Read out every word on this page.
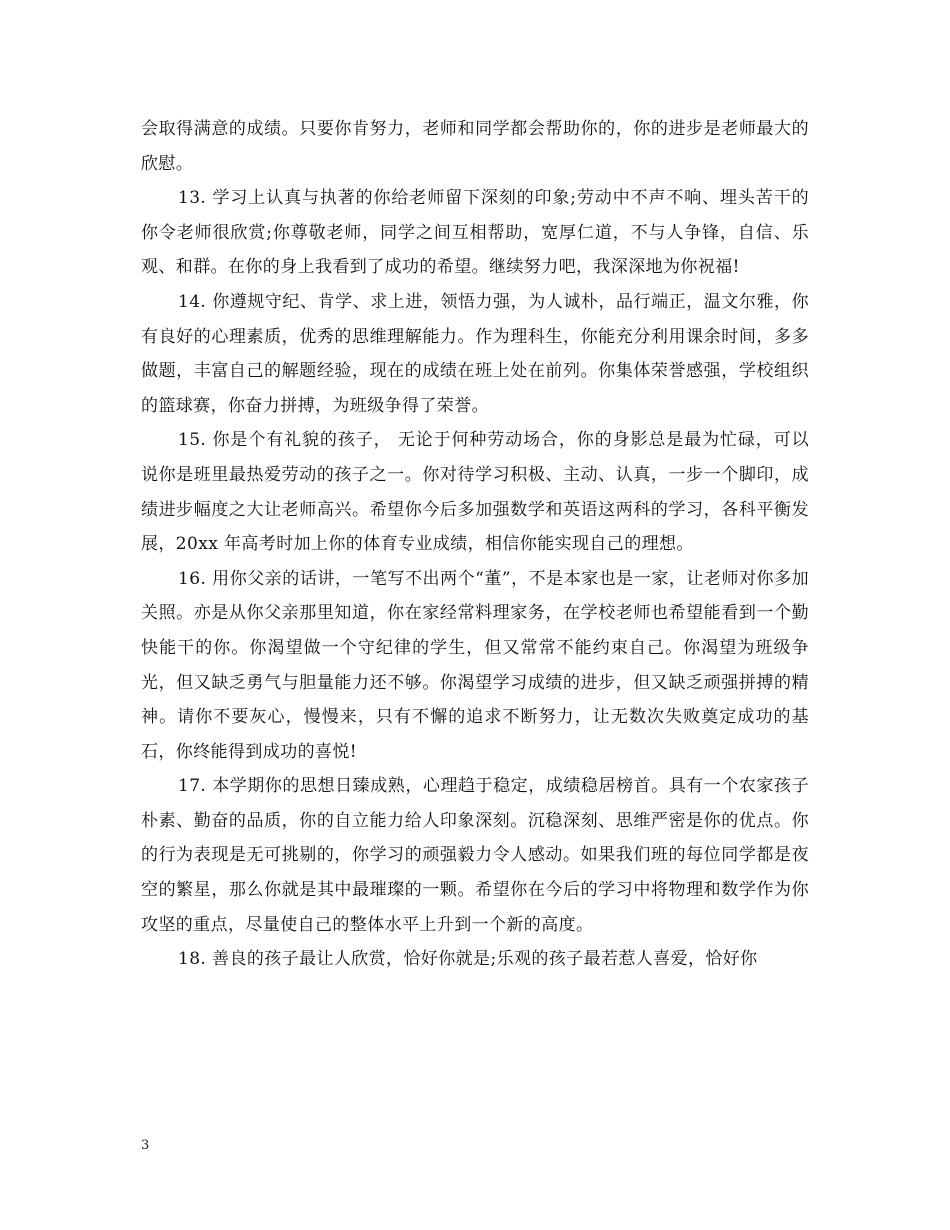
会取得满意的成绩。只要你肯努力，老师和同学都会帮助你的，你的进步是老师最大的欣慰。

13. 学习上认真与执著的你给老师留下深刻的印象;劳动中不声不响、埋头苦干的你令老师很欣赏;你尊敬老师，同学之间互相帮助，宽厚仁道，不与人争锋，自信、乐观、和群。在你的身上我看到了成功的希望。继续努力吧，我深深地为你祝福!

14. 你遵规守纪、肯学、求上进，领悟力强，为人诚朴，品行端正，温文尔雅，你有良好的心理素质，优秀的思维理解能力。作为理科生，你能充分利用课余时间，多多做题，丰富自己的解题经验，现在的成绩在班上处在前列。你集体荣誉感强，学校组织的篮球赛，你奋力拼搏，为班级争得了荣誉。

15. 你是个有礼貌的孩子， 无论于何种劳动场合，你的身影总是最为忙碌，可以说你是班里最热爱劳动的孩子之一。你对待学习积极、主动、认真，一步一个脚印，成绩进步幅度之大让老师高兴。希望你今后多加强数学和英语这两科的学习，各科平衡发展，20xx 年高考时加上你的体育专业成绩，相信你能实现自己的理想。

16. 用你父亲的话讲，一笔写不出两个“董”，不是本家也是一家，让老师对你多加关照。亦是从你父亲那里知道，你在家经常料理家务，在学校老师也希望能看到一个勤快能干的你。你渴望做一个守纪律的学生，但又常常不能约束自己。你渴望为班级争光，但又缺乏勇气与胆量能力还不够。你渴望学习成绩的进步，但又缺乏顽强拼搏的精神。请你不要灰心，慢慢来，只有不懈的追求不断努力，让无数次失败奠定成功的基石，你终能得到成功的喜悦!

17. 本学期你的思想日臻成熟，心理趋于稳定，成绩稳居榜首。具有一个农家孩子朴素、勤奋的品质，你的自立能力给人印象深刻。沉稳深刻、思维严密是你的优点。你的行为表现是无可挑剔的，你学习的顽强毅力令人感动。如果我们班的每位同学都是夜空的繁星，那么你就是其中最璀璨的一颗。希望你在今后的学习中将物理和数学作为你攻坚的重点，尽量使自己的整体水平上升到一个新的高度。

18. 善良的孩子最让人欣赏，恰好你就是;乐观的孩子最若惹人喜爱，恰好你

3
